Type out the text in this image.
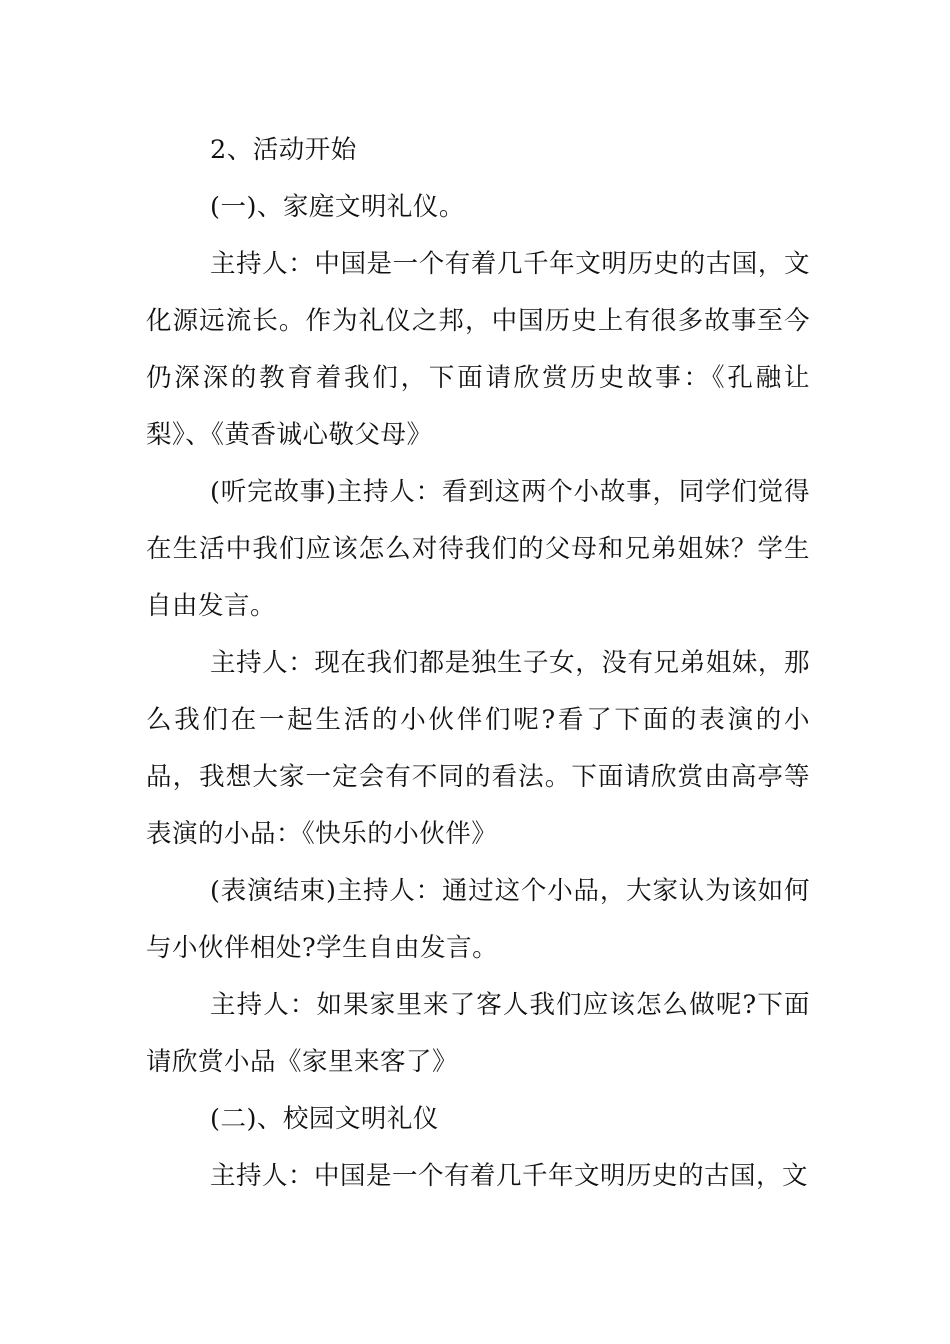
2、活动开始

(一)、家庭文明礼仪。

主持人：中国是一个有着几千年文明历史的古国，文化源远流长。作为礼仪之邦，中国历史上有很多故事至今仍深深的教育着我们，下面请欣赏历史故事：《孔融让梨》、《黄香诚心敬父母》

(听完故事)主持人：看到这两个小故事，同学们觉得在生活中我们应该怎么对待我们的父母和兄弟姐妹？学生自由发言。

主持人：现在我们都是独生子女，没有兄弟姐妹，那么我们在一起生活的小伙伴们呢?看了下面的表演的小品，我想大家一定会有不同的看法。下面请欣赏由高亭等表演的小品：《快乐的小伙伴》

(表演结束)主持人：通过这个小品，大家认为该如何与小伙伴相处?学生自由发言。

主持人：如果家里来了客人我们应该怎么做呢?下面请欣赏小品《家里来客了》

(二)、校园文明礼仪

主持人：中国是一个有着几千年文明历史的古国，文
